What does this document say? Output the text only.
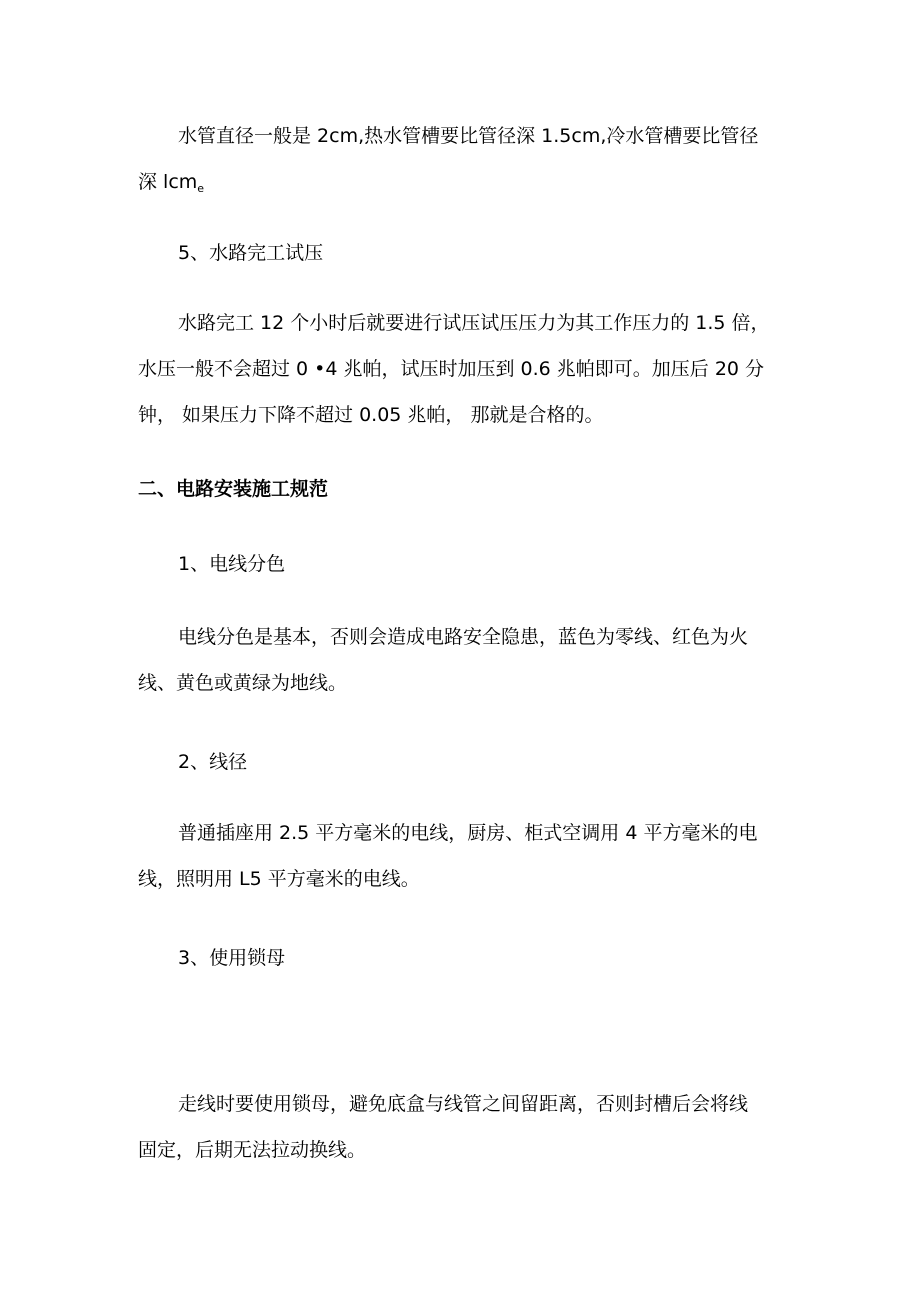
水管直径一般是 2cm,热水管槽要比管径深 1.5cm,冷水管槽要比管径
深 lcm$_e$
5、水路完工试压
水路完工 12 个小时后就要进行试压试压压力为其工作压力的 1.5 倍，
水压一般不会超过 0 •4 兆帕，试压时加压到 0.6 兆帕即可。加压后 20 分
钟， 如果压力下降不超过 0.05 兆帕， 那就是合格的。
二、电路安装施工规范
1、电线分色
电线分色是基本，否则会造成电路安全隐患，蓝色为零线、红色为火
线、黄色或黄绿为地线。
2、线径
普通插座用 2.5 平方毫米的电线，厨房、柜式空调用 4 平方毫米的电
线，照明用 L5 平方毫米的电线。
3、使用锁母
走线时要使用锁母，避免底盒与线管之间留距离，否则封槽后会将线
固定，后期无法拉动换线。
